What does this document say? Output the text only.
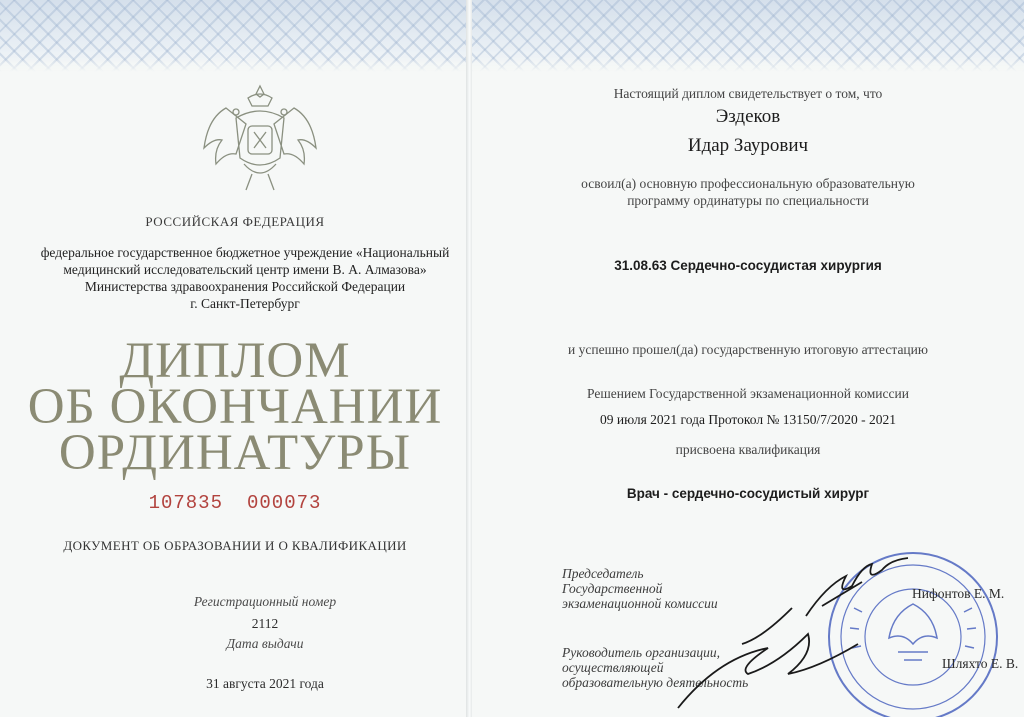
РОССИЙСКАЯ ФЕДЕРАЦИЯ
федеральное государственное бюджетное учреждение «Национальный
медицинский исследовательский центр имени В. А. Алмазова»
Министерства здравоохранения Российской Федерации
г. Санкт-Петербург
ДИПЛОМ
ОБ ОКОНЧАНИИ
ОРДИНАТУРЫ
107835 000073
ДОКУМЕНТ ОБ ОБРАЗОВАНИИ И О КВАЛИФИКАЦИИ
Регистрационный номер
2112
Дата выдачи
31 августа 2021 года
Настоящий диплом свидетельствует о том, что
Эздеков
Идар Заурович
освоил(а) основную профессиональную образовательную
программу ординатуры по специальности
31.08.63 Сердечно-сосудистая хирургия
и успешно прошел(да) государственную итоговую аттестацию
Решением Государственной экзаменационной комиссии
09 июля 2021 года Протокол № 13150/7/2020 - 2021
присвоена квалификация
Врач - сердечно-сосудистый хирург
Председатель Государственной экзаменационной комиссии
Руководитель организации, осуществляющей образовательную деятельность
Нифонтов Е. М.
Шляхто Е. В.
